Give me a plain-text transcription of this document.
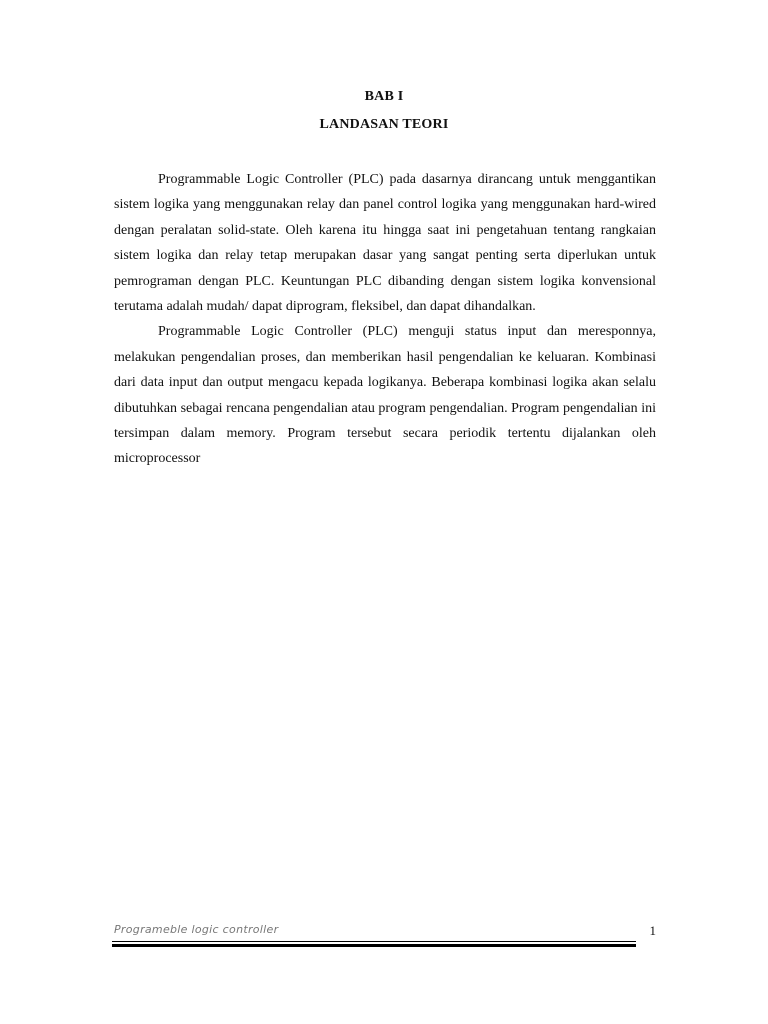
BAB I
LANDASAN TEORI

Programmable Logic Controller (PLC) pada dasarnya dirancang untuk menggantikan sistem logika yang menggunakan relay dan panel control logika yang menggunakan hard-wired dengan peralatan solid-state. Oleh karena itu hingga saat ini pengetahuan tentang rangkaian sistem logika dan relay tetap merupakan dasar yang sangat penting serta diperlukan untuk pemrograman dengan PLC. Keuntungan PLC dibanding dengan sistem logika konvensional terutama adalah mudah/ dapat diprogram, fleksibel, dan dapat dihandalkan.

Programmable Logic Controller (PLC) menguji status input dan meresponnya, melakukan pengendalian proses, dan memberikan hasil pengendalian ke keluaran. Kombinasi dari data input dan output mengacu kepada logikanya. Beberapa kombinasi logika akan selalu dibutuhkan sebagai rencana pengendalian atau program pengendalian. Program pengendalian ini tersimpan dalam memory. Program tersebut secara periodik tertentu dijalankan oleh microprocessor

Programeble logic controller	1
